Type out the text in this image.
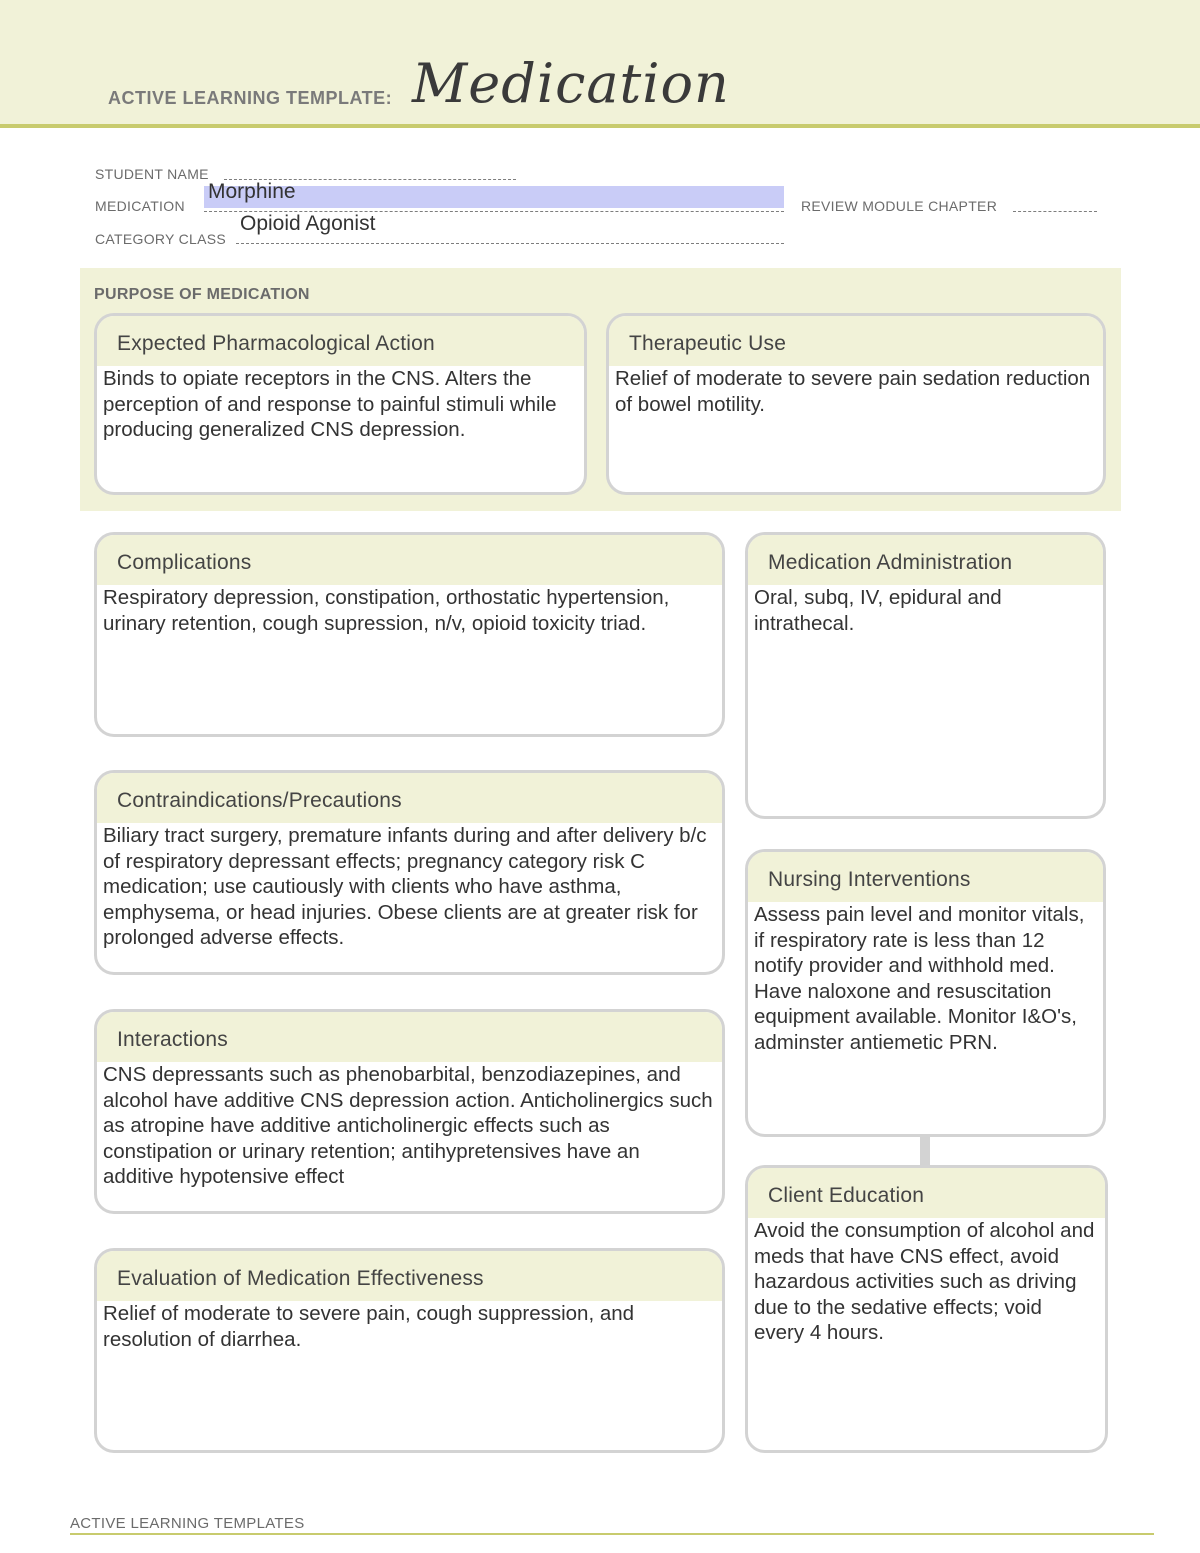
ACTIVE LEARNING TEMPLATE: Medication
STUDENT NAME
MEDICATION
Morphine
REVIEW MODULE CHAPTER
CATEGORY CLASS
Opioid Agonist
PURPOSE OF MEDICATION
Expected Pharmacological Action
Binds to opiate receptors in the CNS. Alters the perception of and response to painful stimuli while producing generalized CNS depression.
Therapeutic Use
Relief of moderate to severe pain sedation reduction of bowel motility.
Complications
Respiratory depression, constipation, orthostatic hypertension, urinary retention, cough supression, n/v, opioid toxicity triad.
Contraindications/Precautions
Biliary tract surgery, premature infants during and after delivery b/c of respiratory depressant effects; pregnancy category risk C medication; use cautiously with clients who have asthma, emphysema, or head injuries. Obese clients are at greater risk for prolonged adverse effects.
Interactions
CNS depressants such as phenobarbital, benzodiazepines, and alcohol have additive CNS depression action. Anticholinergics such as atropine have additive anticholinergic effects such as constipation or urinary retention; antihypretensives have an additive hypotensive effect
Evaluation of Medication Effectiveness
Relief of moderate to severe pain, cough suppression, and resolution of diarrhea.
Medication Administration
Oral, subq, IV, epidural and intrathecal.
Nursing Interventions
Assess pain level and monitor vitals, if respiratory rate is less than 12 notify provider and withhold med. Have naloxone and resuscitation equipment available. Monitor I&O's, adminster antiemetic PRN.
Client Education
Avoid the consumption of alcohol and meds that have CNS effect, avoid hazardous activities such as driving due to the sedative effects; void every 4 hours.
ACTIVE LEARNING TEMPLATES
